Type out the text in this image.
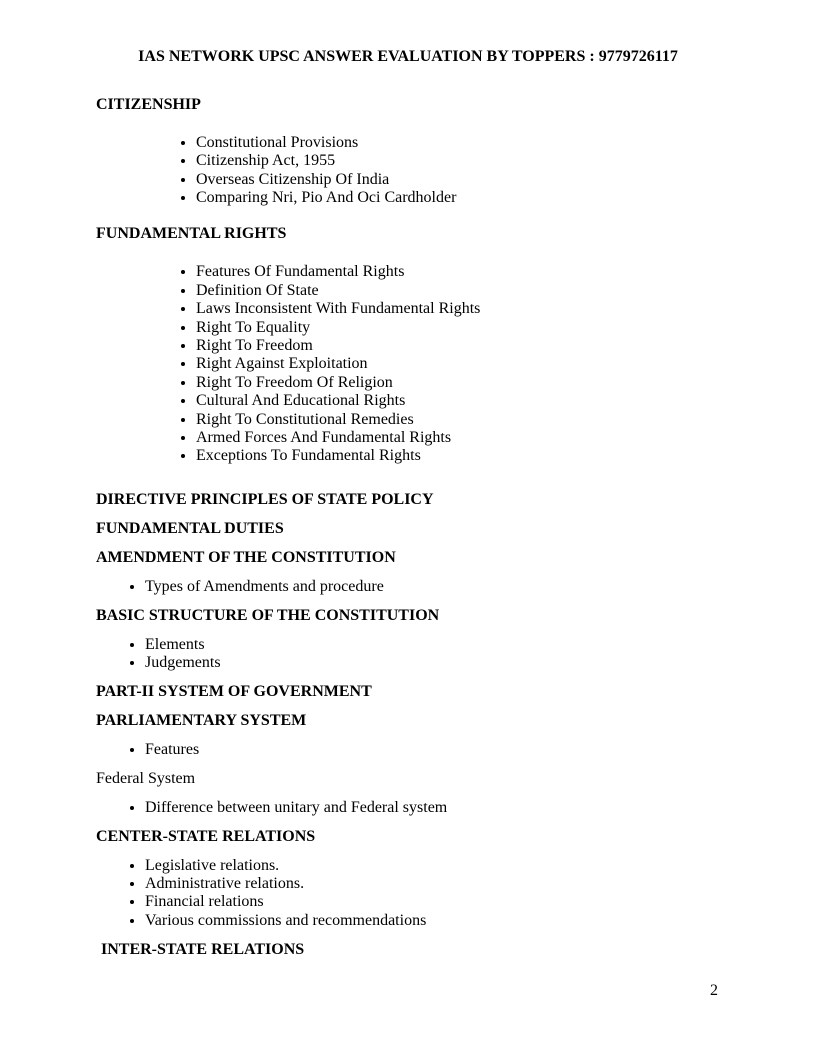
IAS NETWORK UPSC ANSWER EVALUATION BY TOPPERS : 9779726117

CITIZENSHIP

• Constitutional Provisions
• Citizenship Act, 1955
• Overseas Citizenship Of India
• Comparing Nri, Pio And Oci Cardholder

FUNDAMENTAL RIGHTS

• Features Of Fundamental Rights
• Definition Of State
• Laws Inconsistent With Fundamental Rights
• Right To Equality
• Right To Freedom
• Right Against Exploitation
• Right To Freedom Of Religion
• Cultural And Educational Rights
• Right To Constitutional Remedies
• Armed Forces And Fundamental Rights
• Exceptions To Fundamental Rights

DIRECTIVE PRINCIPLES OF STATE POLICY

FUNDAMENTAL DUTIES

AMENDMENT OF THE CONSTITUTION

• Types of Amendments and procedure

BASIC STRUCTURE OF THE CONSTITUTION

• Elements
• Judgements

PART-II SYSTEM OF GOVERNMENT

PARLIAMENTARY SYSTEM

• Features

Federal System

• Difference between unitary and Federal system

CENTER-STATE RELATIONS

• Legislative relations.
• Administrative relations.
• Financial relations
• Various commissions and recommendations

INTER-STATE RELATIONS

2
